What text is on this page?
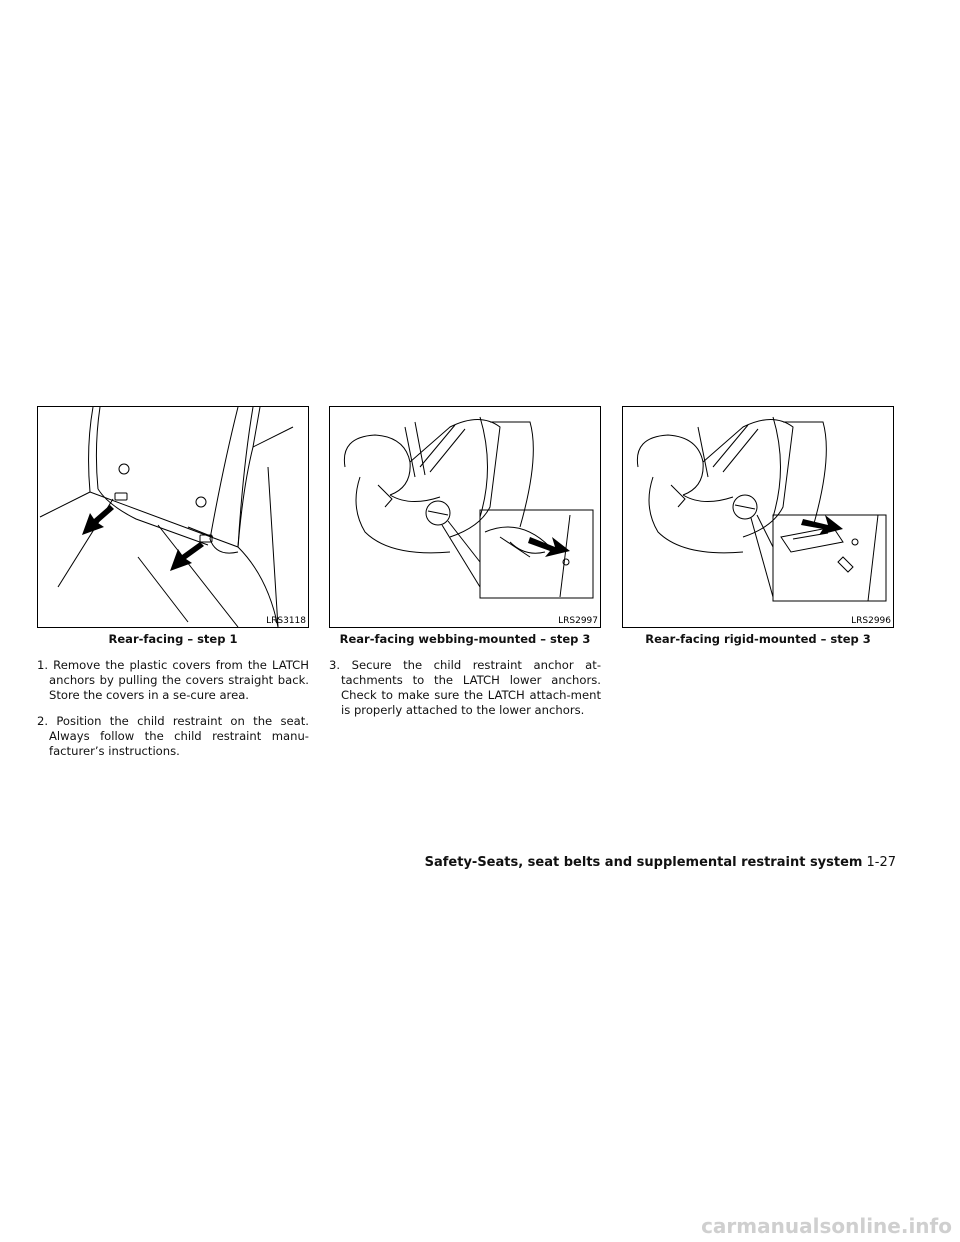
LRS3118
Rear-facing – step 1

1. Remove the plastic covers from the LATCH anchors by pulling the covers straight back. Store the covers in a se-cure area.

2. Position the child restraint on the seat. Always follow the child restraint manu-facturer’s instructions.

LRS2997
Rear-facing webbing-mounted – step 3

3. Secure the child restraint anchor at-tachments to the LATCH lower anchors. Check to make sure the LATCH attach-ment is properly attached to the lower anchors.

LRS2996
Rear-facing rigid-mounted – step 3
Safety-Seats, seat belts and supplemental restraint system 1-27
carmanualsonline.info
